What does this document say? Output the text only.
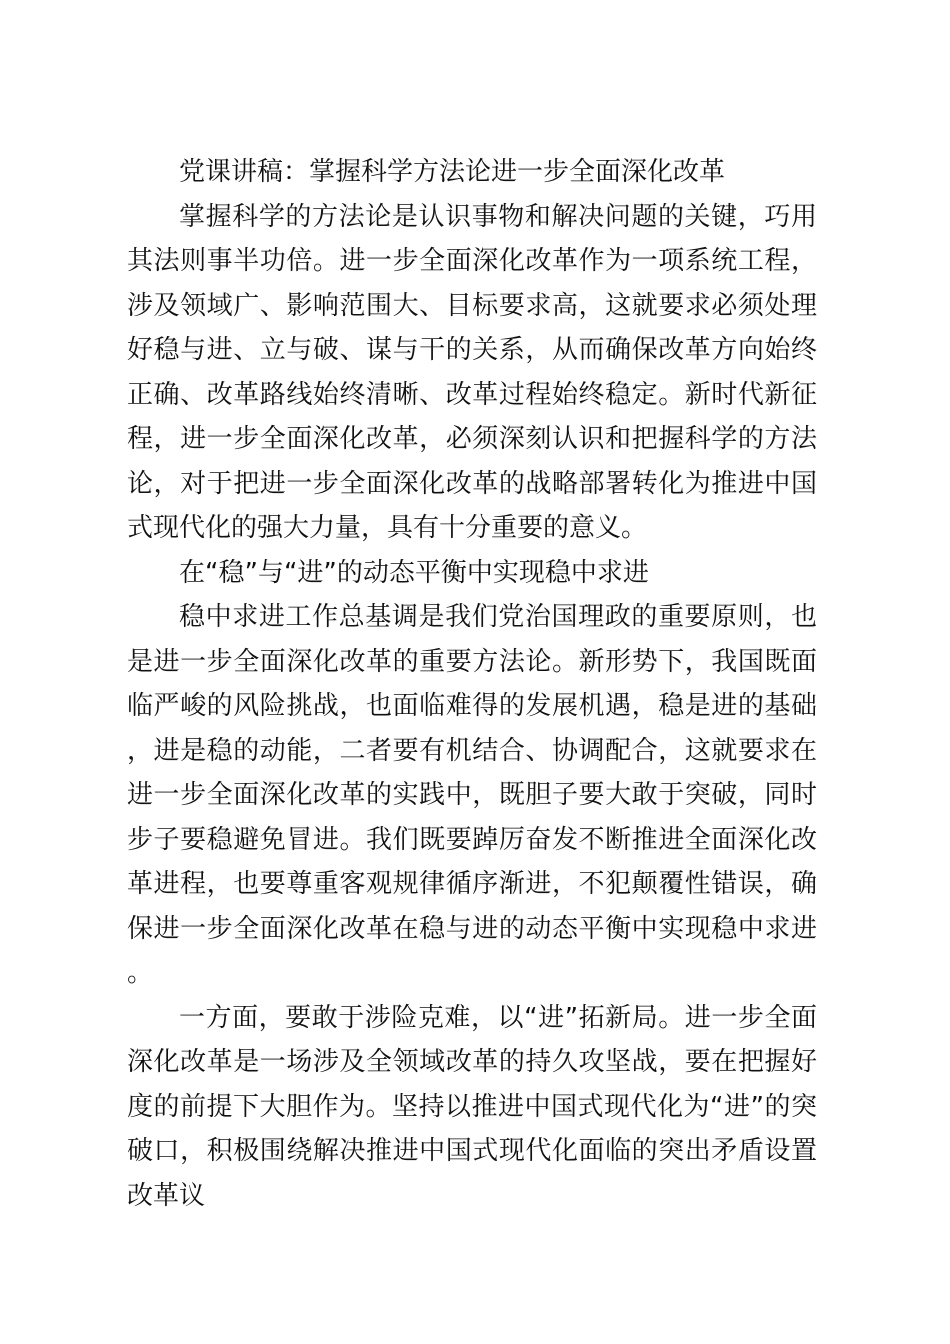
党课讲稿：掌握科学方法论进一步全面深化改革

掌握科学的方法论是认识事物和解决问题的关键，巧用其法则事半功倍。进一步全面深化改革作为一项系统工程，涉及领域广、影响范围大、目标要求高，这就要求必须处理好稳与进、立与破、谋与干的关系，从而确保改革方向始终正确、改革路线始终清晰、改革过程始终稳定。新时代新征程，进一步全面深化改革，必须深刻认识和把握科学的方法论，对于把进一步全面深化改革的战略部署转化为推进中国式现代化的强大力量，具有十分重要的意义。

在“稳”与“进”的动态平衡中实现稳中求进

稳中求进工作总基调是我们党治国理政的重要原则，也是进一步全面深化改革的重要方法论。新形势下，我国既面临严峻的风险挑战，也面临难得的发展机遇，稳是进的基础，进是稳的动能，二者要有机结合、协调配合，这就要求在进一步全面深化改革的实践中，既胆子要大敢于突破，同时步子要稳避免冒进。我们既要踔厉奋发不断推进全面深化改革进程，也要尊重客观规律循序渐进，不犯颠覆性错误，确保进一步全面深化改革在稳与进的动态平衡中实现稳中求进。

一方面，要敢于涉险克难，以“进”拓新局。进一步全面深化改革是一场涉及全领域改革的持久攻坚战，要在把握好度的前提下大胆作为。坚持以推进中国式现代化为“进”的突破口，积极围绕解决推进中国式现代化面临的突出矛盾设置改革议
